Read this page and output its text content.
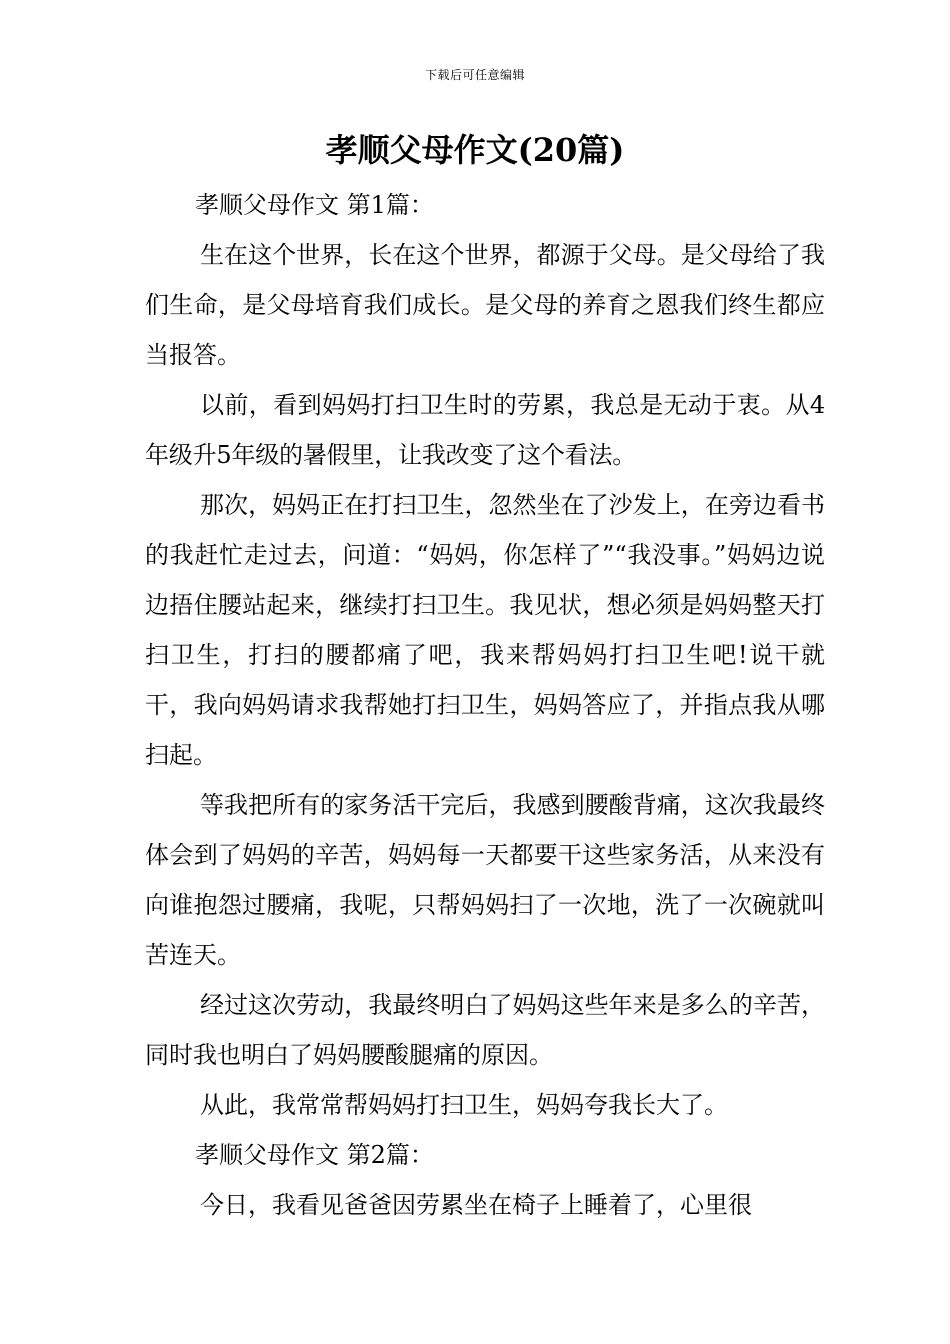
下载后可任意编辑
孝顺父母作文(20篇)

孝顺父母作文 第1篇：

生在这个世界，长在这个世界，都源于父母。是父母给了我们生命，是父母培育我们成长。是父母的养育之恩我们终生都应当报答。

以前，看到妈妈打扫卫生时的劳累，我总是无动于衷。从4年级升5年级的暑假里，让我改变了这个看法。

那次，妈妈正在打扫卫生，忽然坐在了沙发上，在旁边看书的我赶忙走过去，问道：“妈妈，你怎样了”“我没事。”妈妈边说边捂住腰站起来，继续打扫卫生。我见状，想必须是妈妈整天打扫卫生，打扫的腰都痛了吧，我来帮妈妈打扫卫生吧!说干就干，我向妈妈请求我帮她打扫卫生，妈妈答应了，并指点我从哪扫起。

等我把所有的家务活干完后，我感到腰酸背痛，这次我最终体会到了妈妈的辛苦，妈妈每一天都要干这些家务活，从来没有向谁抱怨过腰痛，我呢，只帮妈妈扫了一次地，洗了一次碗就叫苦连天。

经过这次劳动，我最终明白了妈妈这些年来是多么的辛苦，同时我也明白了妈妈腰酸腿痛的原因。

从此，我常常帮妈妈打扫卫生，妈妈夸我长大了。

孝顺父母作文 第2篇：

今日，我看见爸爸因劳累坐在椅子上睡着了，心里很
